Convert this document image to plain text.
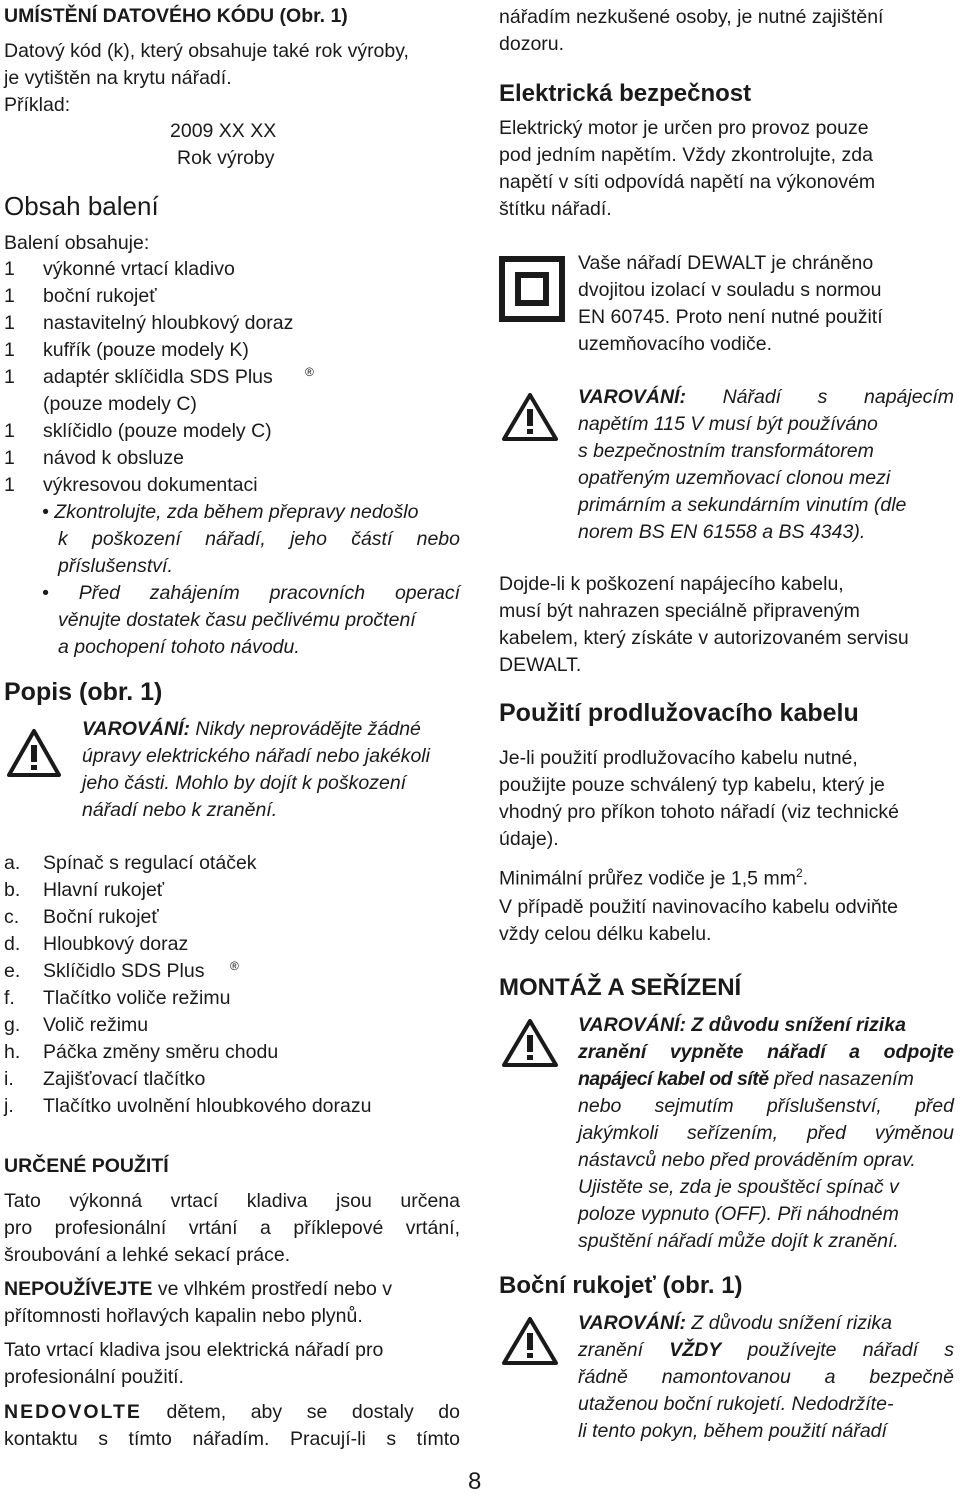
UMÍSTĚNÍ DATOVÉHO KÓDU (Obr. 1)
Datový kód (k), který obsahuje také rok výroby,
je vytištěn na krytu nářadí.
Příklad:
2009 XX XX
Rok výroby
Obsah balení
Balení obsahuje:
1 výkonné vrtací kladivo
1 boční rukojeť
1 nastavitelný hloubkový doraz
1 kufřík (pouze modely K)
1 adaptér sklíčidla SDS Plus	®
(pouze modely C)
1 sklíčidlo (pouze modely C)
1 návod k obsluze
1 výkresovou dokumentaci
• Zkontrolujte, zda během přepravy nedošlo
k poškození nářadí, jeho částí nebo
příslušenství.
• Před zahájením pracovních operací
věnujte dostatek času pečlivému pročtení
a pochopení tohoto návodu.
Popis (obr. 1)
VAROVÁNÍ: Nikdy neprovádějte žádné
úpravy elektrického nářadí nebo jakékoli
jeho části. Mohlo by dojít k poškození
nářadí nebo k zranění.
a. Spínač s regulací otáček
b. Hlavní rukojeť
c. Boční rukojeť
d. Hloubkový doraz
e. Sklíčidlo SDS Plus ®
f. Tlačítko voliče režimu
g. Volič režimu
h. Páčka změny směru chodu
i. Zajišťovací tlačítko
j. Tlačítko uvolnění hloubkového dorazu
URČENÉ POUŽITÍ
Tato výkonná vrtací kladiva jsou určena
pro profesionální vrtání a příklepové vrtání,
šroubování a lehké sekací práce.
NEPOUŽÍVEJTE ve vlhkém prostředí nebo v
přítomnosti hořlavých kapalin nebo plynů.
Tato vrtací kladiva jsou elektrická nářadí pro
profesionální použití.
NEDOVOLTE dětem, aby se dostaly do
kontaktu s tímto nářadím. Pracují-li s tímto
nářadím nezkušené osoby, je nutné zajištění
dozoru.
Elektrická bezpečnost
Elektrický motor je určen pro provoz pouze
pod jedním napětím. Vždy zkontrolujte, zda
napětí v síti odpovídá napětí na výkonovém
štítku nářadí.
Vaše nářadí DEWALT je chráněno
dvojitou izolací v souladu s normou
EN 60745. Proto není nutné použití
uzemňovacího vodiče.
VAROVÁNÍ: Nářadí s napájecím
napětím 115 V musí být používáno
s bezpečnostním transformátorem
opatřeným uzemňovací clonou mezi
primárním a sekundárním vinutím (dle
norem BS EN 61558 a BS 4343).
Dojde-li k poškození napájecího kabelu,
musí být nahrazen speciálně připraveným
kabelem, který získáte v autorizovaném servisu
DEWALT.
Použití prodlužovacího kabelu
Je-li použití prodlužovacího kabelu nutné,
použijte pouze schválený typ kabelu, který je
vhodný pro příkon tohoto nářadí (viz technické
údaje).
Minimální průřez vodiče je 1,5 $mm^2$.
V případě použití navinovacího kabelu odviňte
vždy celou délku kabelu.
MONTÁŽ A SEŘÍZENÍ
VAROVÁNÍ: Z důvodu snížení rizika
zranění vypněte nářadí a odpojte
napájecí kabel od sítě před nasazením
nebo sejmutím příslušenství, před
jakýmkoli seřízením, před výměnou
nástavců nebo před prováděním oprav.
Ujistěte se, zda je spouštěcí spínač v
poloze vypnuto (OFF). Při náhodném
spuštění nářadí může dojít k zranění.
Boční rukojeť (obr. 1)
VAROVÁNÍ: Z důvodu snížení rizika
zranění VŽDY používejte nářadí s
řádně namontovanou a bezpečně
utaženou boční rukojetí. Nedodržíte-
li tento pokyn, během použití nářadí
8
